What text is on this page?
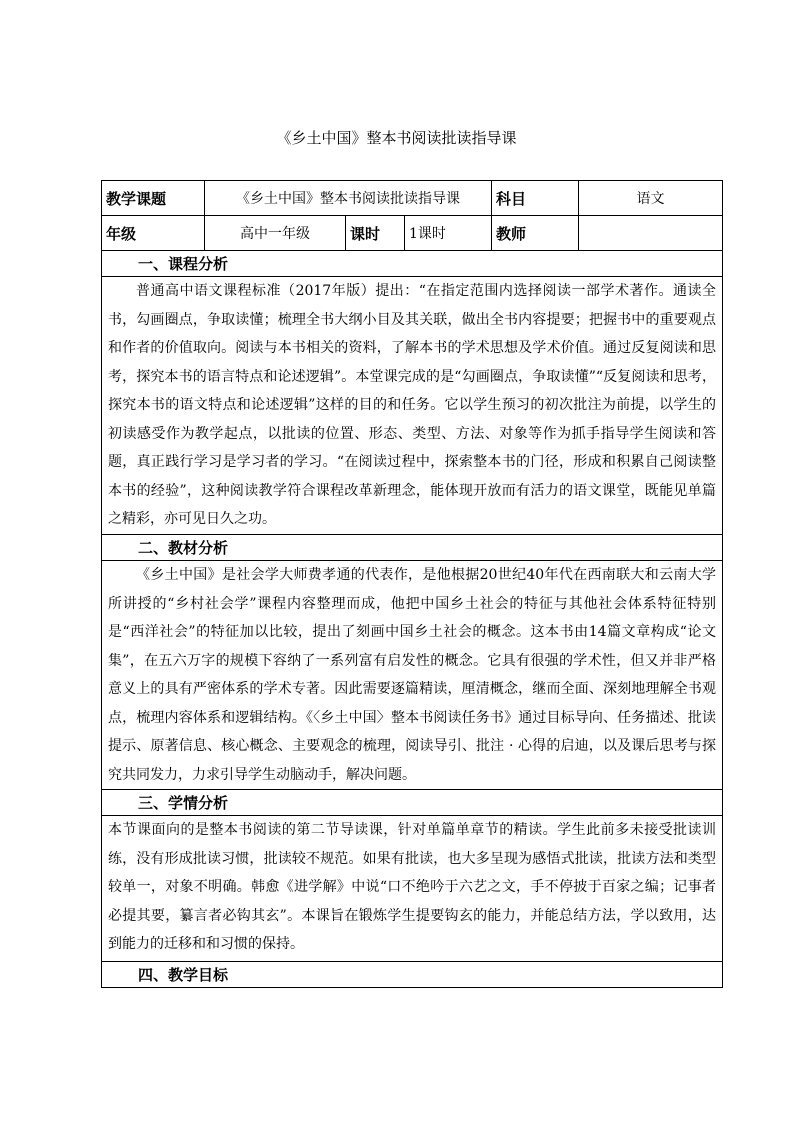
《乡土中国》整本书阅读批读指导课
教学课题	《乡土中国》整本书阅读批读指导课			科目	语文
年级	高中一年级	课时	1课时	教师	
一、课程分析					
普通高中语文课程标准（2017年版）提出：“在指定范围内选择阅读一部学术著作。通读全书，勾画圈点，争取读懂；梳理全书大纲小目及其关联，做出全书内容提要；把握书中的重要观点和作者的价值取向。阅读与本书相关的资料，了解本书的学术思想及学术价值。通过反复阅读和思考，探究本书的语言特点和论述逻辑”。本堂课完成的是“勾画圈点，争取读懂”“反复阅读和思考，探究本书的语文特点和论述逻辑”这样的目的和任务。它以学生预习的初次批注为前提，以学生的初读感受作为教学起点，以批读的位置、形态、类型、方法、对象等作为抓手指导学生阅读和答题，真正践行学习是学习者的学习。“在阅读过程中，探索整本书的门径，形成和积累自己阅读整本书的经验”，这种阅读教学符合课程改革新理念，能体现开放而有活力的语文课堂，既能见单篇之精彩，亦可见日久之功。					
二、教材分析					
《乡土中国》是社会学大师费孝通的代表作，是他根据20世纪40年代在西南联大和云南大学所讲授的“乡村社会学”课程内容整理而成，他把中国乡土社会的特征与其他社会体系特征特别是“西洋社会”的特征加以比较，提出了刻画中国乡土社会的概念。这本书由14篇文章构成“论文集”，在五六万字的规模下容纳了一系列富有启发性的概念。它具有很强的学术性，但又并非严格意义上的具有严密体系的学术专著。因此需要逐篇精读，厘清概念，继而全面、深刻地理解全书观点，梳理内容体系和逻辑结构。《〈乡土中国〉整本书阅读任务书》通过目标导向、任务描述、批读提示、原著信息、核心概念、主要观念的梳理，阅读导引、批注 · 心得的启迪，以及课后思考与探究共同发力，力求引导学生动脑动手，解决问题。					
三、学情分析					
本节课面向的是整本书阅读的第二节导读课，针对单篇单章节的精读。学生此前多未接受批读训练，没有形成批读习惯，批读较不规范。如果有批读，也大多呈现为感悟式批读，批读方法和类型较单一，对象不明确。韩愈《进学解》中说“口不绝吟于六艺之文，手不停披于百家之编；记事者必提其要，纂言者必钩其玄”。本课旨在锻炼学生提要钩玄的能力，并能总结方法，学以致用，达到能力的迁移和和习惯的保持。					
四、教学目标					
